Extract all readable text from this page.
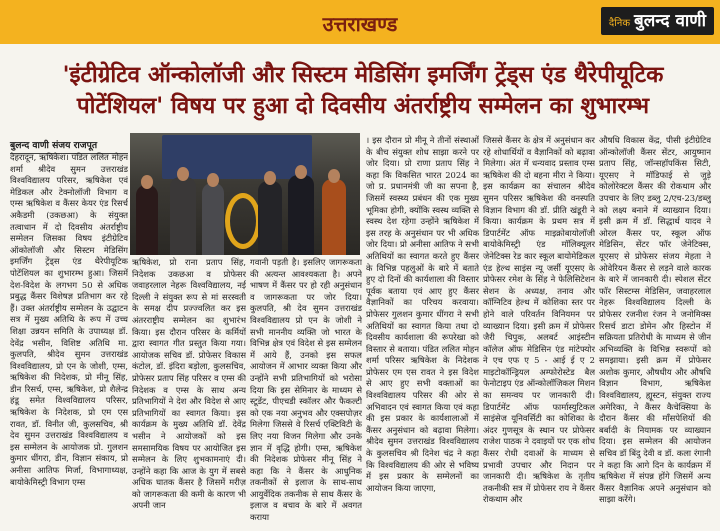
उत्तराखण्ड	दैनिक बुलन्द वाणी
'इंटीग्रेटिव ऑन्कोलॉजी और सिस्टम मेडिसिंग इमर्जिंग ट्रेंड्स एंड थैरेपीयूटिक पोटेंशियल' विषय पर हुआ दो दिवसीय अंतर्राष्ट्रीय सम्मेलन का शुभारम्भ
बुलन्द वाणी संजय राजपूत
देहरादून, ऋषिकेश। पंडित ललित मोहन शर्मा श्रीदेव सुमन उत्तराखंड विश्वविद्यालय परिसर, ऋषिकेश एवं मेडिकल और टेक्नोलॉजी विभाग व एम्स ऋषिकेश व कैंसर केयर एंड रिसर्च अकैडमी (उकछआ) के संयुक्त तत्वाधान में दो दिवसीय अंतर्राष्ट्रीय सम्मेलन जिसका विषय इंटीग्रेटिव ऑकोलॉजी और सिस्टम मेडिसिंग इमर्जिंग ट्रेंड्स एंड थैरेपीयूटिक पोटेंशियल का शुभारम्भ हुआ। जिसमें देश-विदेश के लगभग 50 से अधिक प्रबुद्ध कैंसर विशेषज्ञ प्रतिभाग कर रहे हैं। उक्त अंतर्राष्ट्रीय सम्मेलन के उद्घाटन सत्र में मुख्य अतिथि के रूप में उच्च शिक्षा उन्नयन समिति के उपाध्यक्ष डॉ. देवेंद्र भसीन, विशिष्ट अतिथि मा. कुलपति, श्रीदेव सुमन उत्तराखंड विश्वविद्यालय, प्रो एन के जोशी, एम्स, ऋषिकेश की निदेशक, प्रो मीनू सिंह, डीन रिसर्च, एम्स, ऋषिकेश, प्रो शैलेन्द्र हंडू समेत विश्वविद्यालय परिसर, ऋषिकेश के निदेशक, प्रो एम एस रावत, डॉ. विनीत जी, कुलसचिव, श्री देव सुमन उत्तराखंड विश्वविद्यालय व इस सम्मेलन के आयोजक प्रो. गुलशन कुमार धींगरा, डीन, विज्ञान संकाय, प्रो अनीसा आतिफ मिर्जा, विभागाध्यक्ष, बायोकेमिस्ट्री विभाग एम्स
ऋषिकेश, प्रो राना प्रताप सिंह, निदेशक उकछआ व प्रोफेसर जवाहरलाल नेहरू विश्वविद्यालय, नई दिल्ली ने संयुक्त रूप से मां सरस्वती के समक्ष दीप प्रज्ज्वलित कर इस अंतरराष्ट्रीय सम्मेलन का शुभारंभ किया। इस दौरान परिसर के कर्मियों द्वारा स्वागत गीत प्रस्तुत किया गया। आयोजक सचिव डॉ. प्रोफेसर विकास कंटोल, डॉ. इंदिरा बड़ोला, कुलसचिव, प्रोफेसर प्रताप सिंह परिसर व एम्स की निदेशक व एम्स के साथ अन्य प्रतिभागियों ने देश और विदेश से आए प्रतिभागियों का स्वागत किया। इस कार्यक्रम के मुख्य अतिथि डॉ. देवेंद्र भसीन ने आयोजकों को इस समसामयिक विषय पर आयोजित इस सम्मेलन के लिए शुभकामनाएं दी। उन्होंने कहा कि आज के युग में सबसे अधिक घातक कैंसर है जिसमें मरीज़ को जागरूकता की कमी के कारण भी अपनी जान
गवानी पड़ती है। इसलिए जागरूकता की अत्यन्त आवश्यकता है। अपने भाषण में कैंसर पर हो रही अनुसंधान व जागरूकता पर जोर दिया। कुलपति, श्री देव सुमन उत्तराखंड विश्वविद्यालय प्रो एन के जोशी ने सभी माननीय व्यक्ति जो भारत के विभिन्न क्षेत्र एवं विदेश से इस सम्मेलन में आये हैं, उनको इस सफल आयोजन में आभार व्यक्त किया और उन्होंने सभी प्रतिभागियों को भरोसा दिया कि इस सेमिनार के माध्यम से स्टूडेंट, पीएचडी स्कॉलर और फैकल्टी को एक नया अनुभव और एक्सपोज़र मिलेगा जिससे वे रिसर्च एक्टिविटी के लिए नया विजन मिलेगा और उनके ज्ञान में वृद्धि होगी। एम्स, ऋषिकेश की निदेशक प्रोफेसर मीनू सिंह ने कहा कि ने कैंसर के आधुनिक तकनीकों से इलाज के साथ-साथ आयुर्वेदिक तकनीक से साथ कैंसर के इलाज व बचाव के बारे में अवगत कराया
। इस दौरान प्रो मीनू ने तीनों संस्थाओं के बीच संयुक्त शोध साझा करने पर जोर दिया। प्रो राणा प्रताप सिंह ने कहा कि विकसित भारत 2024 का जो प्र. प्रधानमंत्री जी का सपना है, जिसमें स्वस्थ्य प्रबंधन की एक मुख्य भूमिका होगी, क्योंकि स्वस्थ व्यक्ति से स्वस्थ देश रहेगा उन्होंने ऋषिकेश में इस तरह के अनुसंधान पर भी अधिक जोर दिया। प्रो अनीसा आतिफ ने सभी अतिथियों का स्वागत करते हुए कैंसर के विभिन्न पहलुओं के बारे में बताते हुए दो दिनों की कार्यशाला की विस्तार पूर्वक बताया एवं आए हुए कैंसर वैज्ञानिकों का परिचय करवाया। प्रोफेसर गुलशन कुमार धींगरा ने सभी अतिथियों का स्वागत किया तथा दो दिवसीय कार्यशाला की रूपरेखा को विस्तार से बताया। पंडित ललित मोहन शर्मा परिसर ऋषिकेश के निदेशक प्रोफेसर एम एस रावत ने इस विदेश से आए हुए सभी वक्ताओं का विश्वविद्यालय परिसर की ओर से अभिवादन एवं स्वागत किया एवं कहा की इस प्रकार के कार्यशालाओं में कैंसर अनुसंधान को बढ़ावा मिलेगा। श्रीदेव सुमन उत्तराखंड विश्वविद्यालय के कुलसचिव श्री दिनेश चंद्र ने कहा कि विश्वविद्यालय की ओर से भविष्य में इस प्रकार के सम्मेलनों का आयोजन किया जाएगा,
जिससे कैंसर के क्षेत्र में अनुसंधान कर रहे शोधार्थियों व वैज्ञानिकों को बढ़ावा मिलेगा। अंत में धन्यवाद प्रस्ताव एम्स ऋषिकेश की दो बहना मीरा ने किया। इस कार्यक्रम का संचालन श्रीदेव सुमन परिसर ऋषिकेश की वनस्पति विज्ञान विभाग की डॉ. प्रीति खंडूरी ने किया। कार्यक्रम के प्रथम सत्र में डिपार्टमेंट ऑफ माइक्रोबायोलॉजी बायोकेमिस्ट्री एंड मॉलिक्यूलर जेनेटिक्स रेड कार स्कूल बायोमेडिकल एंड हेल्थ साइंस न्यू जर्सी यूएसए के प्रोफेसर रमेश के सिंह ने फेलिसिटेशन सेशन के अध्यक्ष, तनाव और कॉग्निटिव हेल्थ में कोशिका स्तर पर होने वाले परिवर्तन विनियमन पर व्याख्यान दिया। इसी क्रम में प्रोफेसर जैरी चिपुक, अलबर्ट आइंस्टीन कॉलेज ऑफ मेडिसिन एंड मांटेफ्योर ने एच एफ ए 5 - आई ई ए 2 माइटोकॉन्ड्रियल अम्फोरोस्टेड बैल फेनोटाइप एंड ऑन्कोलॉजिकल मिशन का समन्वय पर जानकारी दी। डिपार्टमेंट ऑफ फार्मास्युटिकल साइंसेज यूनिवर्सिटी का कोशिका के अंदर गुणसूत्र के स्थान पर प्रोफेसर राजेश पाठक ने दवाइयों पर एक शोध कैंसर रोधी दवाओं के माध्यम से प्रभावी उपचार और निदान पर जानकारी दी। ऋषिकेश के तृतीय तकनीकी सत्र में प्रोफेसर राय ने कैंसर रोकथाम और
औषधि विकास केंद्र, पीसी इंटीग्रेटिव ऑन्कोलॉजी कैंसर सेंटर, आयुष्मान प्रताप सिंह, जॉन्सहॉपकिंस सिटी, यूएसए ने मॉडिफाई से जुड़े कोलोरेक्टल कैंसर की रोकथाम और उपचार के लिए डब्लु 2/एच-23/डब्लु को लक्ष्य बनाने में व्याख्यान दिया। इसी क्रम में डॉ. सिद्धार्थ यादव ने ओरल कैंसर पर, स्कूल ऑफ मेडिसिन, सेंटर फॉर जेनेटिक्स, यूएसए से प्रोफेसर संजय मेहता ने ओवेरियन कैंसर से लड़ने वाले कारक के बारे में जानकारी दी। स्पेशल सेंटर फॉर सिस्टम्स मेडिसिन, जवाहरलाल नेहरू विश्वविद्यालय दिल्ली के प्रोफेसर रजनीश रंजन ने जनोमिक्स रिसर्च डाटा डोमेन और हिस्टोन में सक्रियता प्रतिरोधी के माध्यम से जीन अभिव्यक्ति के विभिन्न स्वरूपों को समझाया। इसी क्रम में प्रोफेसर अशोक कुमार, औषधीय और औषधि विज्ञान विभाग, ऋषिकेश विश्वविद्यालय, ह्यूस्टन, संयुक्त राज्य अमेरिका, ने कैंसर कैचेक्सिया के दौरान कैंसर की माँसपेशियों की बर्बादी के नियामक पर व्याख्यान दिया। इस सम्मेलन की आयोजन सचिव डॉ बिंदु देवी व डॉ. कला रंगानी ने कहा कि आगे दिन के कार्यक्रम में ऋषिकेश में संपन्न होंगे जिसमें अन्य कैंसर वैज्ञानिक अपने अनुसंधान को साझा करेंगे।
